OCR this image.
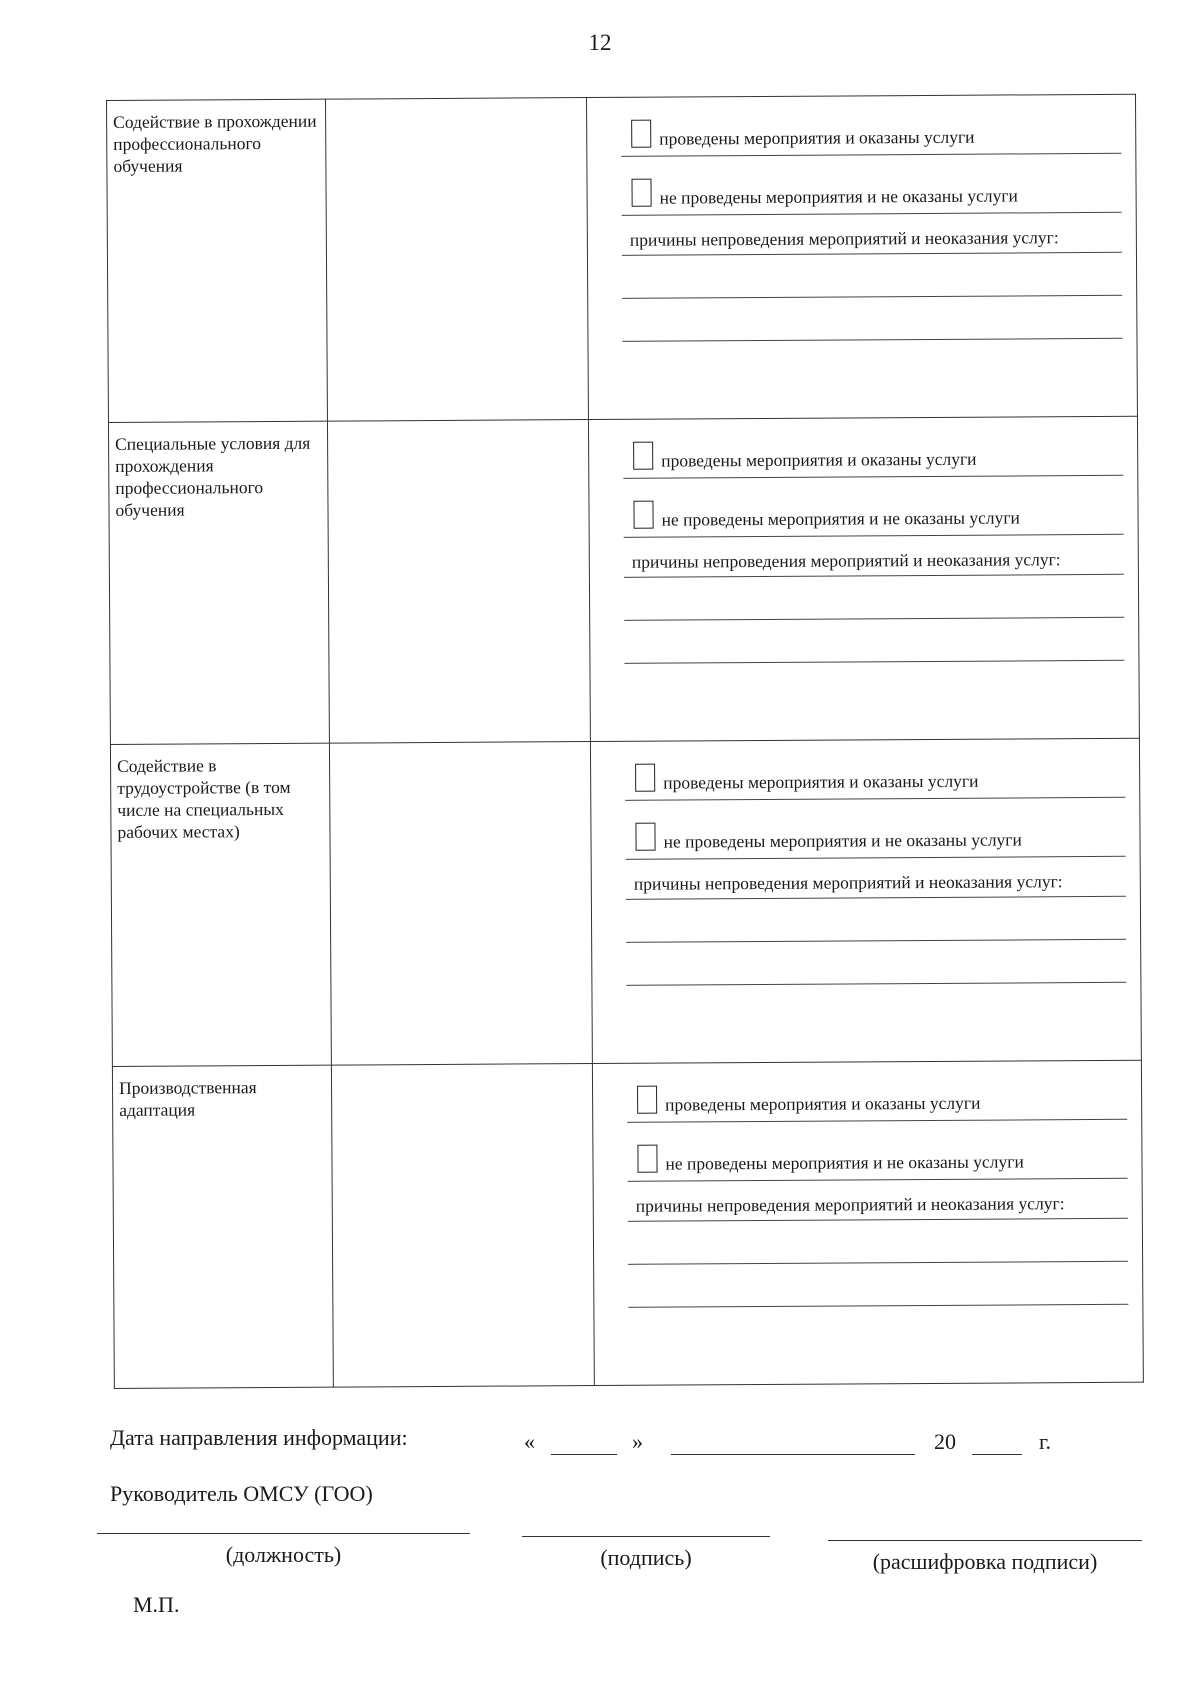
12
Содействие в прохождении профессионального обучения		проведены мероприятия и оказаны услуги
не проведены мероприятия и не оказаны услуги
причины непроведения мероприятий и неоказания услуг:

Специальные условия для прохождения профессионального обучения		проведены мероприятия и оказаны услуги
не проведены мероприятия и не оказаны услуги
причины непроведения мероприятий и неоказания услуг:

Содействие в трудоустройстве (в том числе на специальных рабочих местах)		проведены мероприятия и оказаны услуги
не проведены мероприятия и не оказаны услуги
причины непроведения мероприятий и неоказания услуг:

Производственная адаптация		проведены мероприятия и оказаны услуги
не проведены мероприятия и не оказаны услуги
причины непроведения мероприятий и неоказания услуг:
Дата направления информации:	«	»	20	г.
Руководитель ОМСУ (ГОО)
(должность)	(подпись)	(расшифровка подписи)
М.П.
